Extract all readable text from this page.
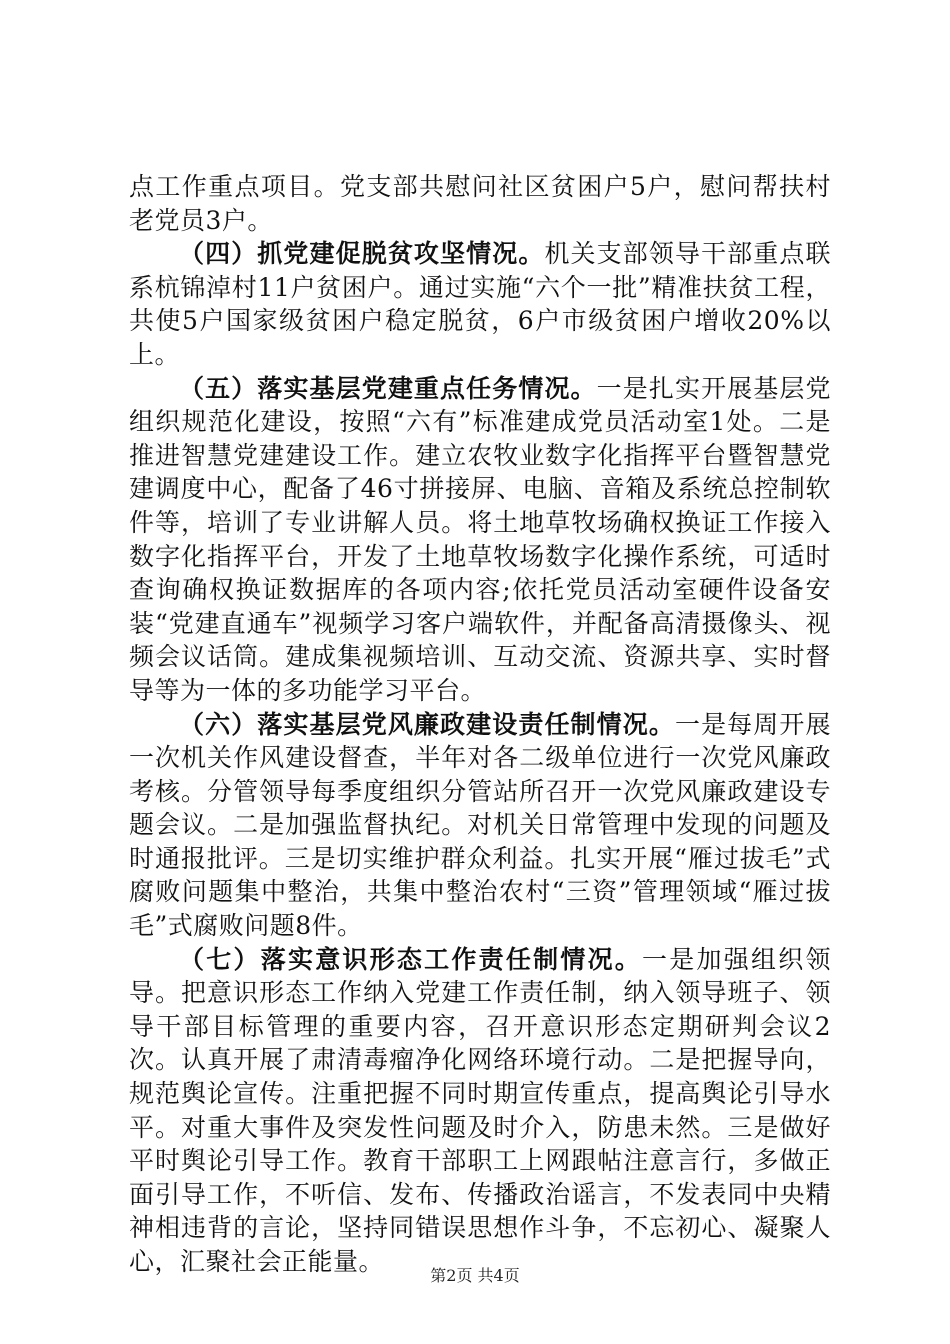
点工作重点项目。党支部共慰问社区贫困户5户，慰问帮扶村老党员3户。

（四）抓党建促脱贫攻坚情况。机关支部领导干部重点联系杭锦淖村11户贫困户。通过实施“六个一批”精准扶贫工程，共使5户国家级贫困户稳定脱贫，6户市级贫困户增收20%以上。

（五）落实基层党建重点任务情况。一是扎实开展基层党组织规范化建设，按照“六有”标准建成党员活动室1处。二是推进智慧党建建设工作。建立农牧业数字化指挥平台暨智慧党建调度中心，配备了46寸拼接屏、电脑、音箱及系统总控制软件等，培训了专业讲解人员。将土地草牧场确权换证工作接入数字化指挥平台，开发了土地草牧场数字化操作系统，可适时查询确权换证数据库的各项内容;依托党员活动室硬件设备安装“党建直通车”视频学习客户端软件，并配备高清摄像头、视频会议话筒。建成集视频培训、互动交流、资源共享、实时督导等为一体的多功能学习平台。

（六）落实基层党风廉政建设责任制情况。一是每周开展一次机关作风建设督查，半年对各二级单位进行一次党风廉政考核。分管领导每季度组织分管站所召开一次党风廉政建设专题会议。二是加强监督执纪。对机关日常管理中发现的问题及时通报批评。三是切实维护群众利益。扎实开展“雁过拔毛”式腐败问题集中整治，共集中整治农村“三资”管理领域“雁过拔毛”式腐败问题8件。

（七）落实意识形态工作责任制情况。一是加强组织领导。把意识形态工作纳入党建工作责任制，纳入领导班子、领导干部目标管理的重要内容，召开意识形态定期研判会议2次。认真开展了肃清毒瘤净化网络环境行动。二是把握导向，规范舆论宣传。注重把握不同时期宣传重点，提高舆论引导水平。对重大事件及突发性问题及时介入，防患未然。三是做好平时舆论引导工作。教育干部职工上网跟帖注意言行，多做正面引导工作，不听信、发布、传播政治谣言，不发表同中央精神相违背的言论，坚持同错误思想作斗争，不忘初心、凝聚人心，汇聚社会正能量。	第2页 共4页
